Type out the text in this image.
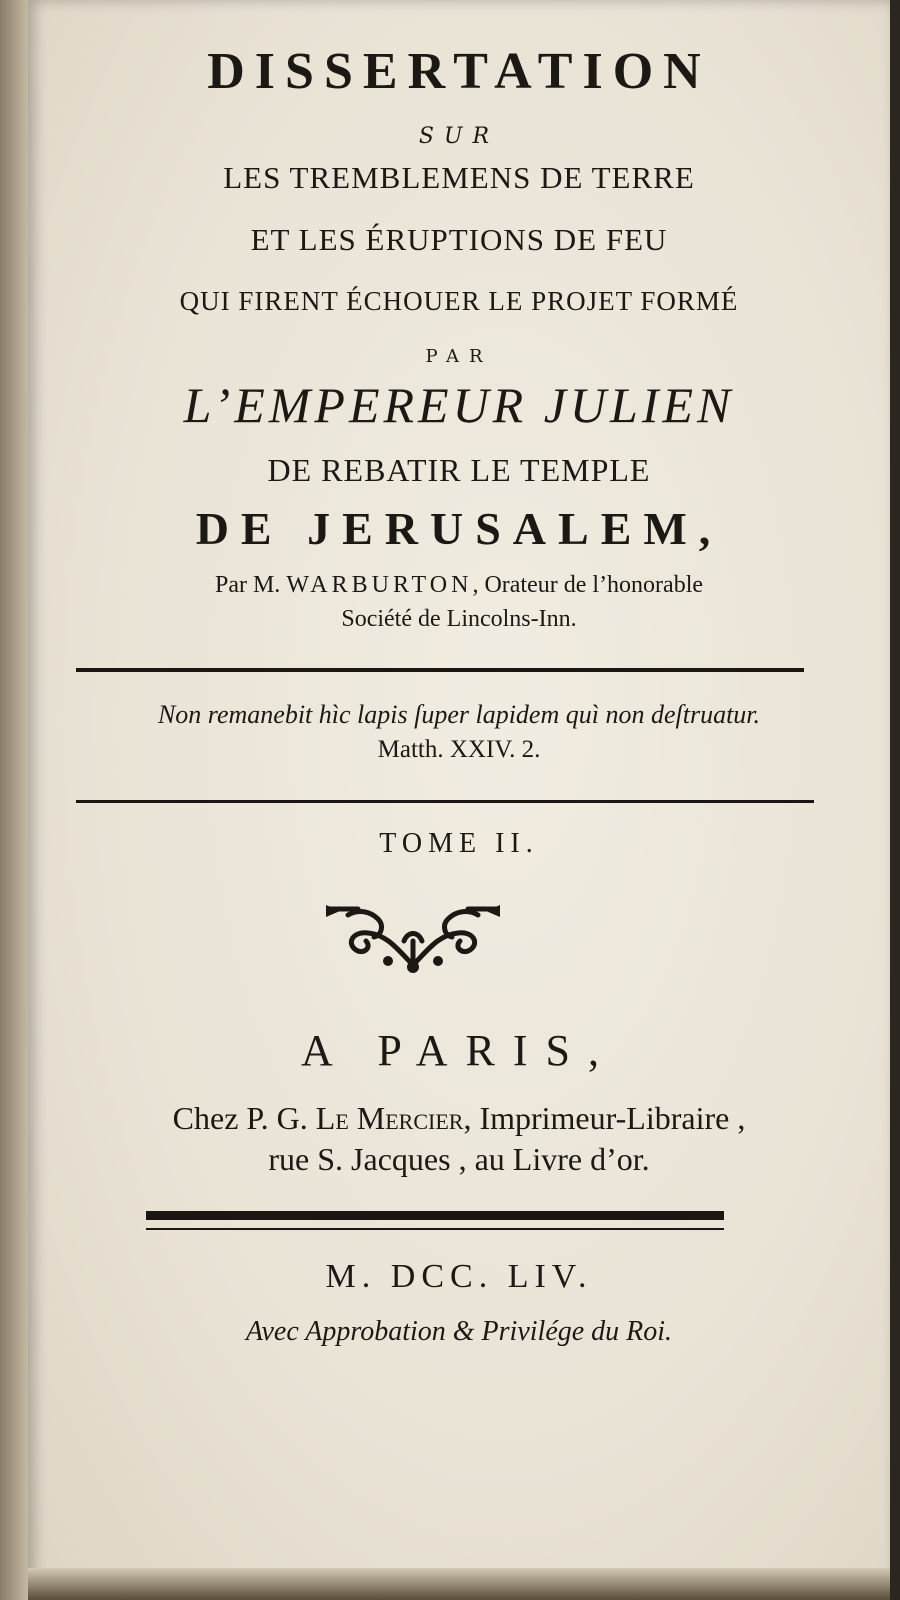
DISSERTATION
SUR
LES TREMBLEMENS DE TERRE
ET LES ÉRUPTIONS DE FEU
QUI FIRENT ÉCHOUER LE PROJET FORMÉ
PAR
L’EMPEREUR JULIEN
DE REBATIR LE TEMPLE
DE JERUSALEM,
Par M. WARBURTON, Orateur de l’honorable
Société de Lincolns-Inn.
Non remanebit hìc lapis ſuper lapidem quì non deſtruatur.
Matth. XXIV. 2.
TOME II.
A PARIS,
Chez P. G. Le Mercier, Imprimeur-Libraire ,
rue S. Jacques , au Livre d’or.
M. DCC. LIV.
Avec Approbation & Privilége du Roi.
